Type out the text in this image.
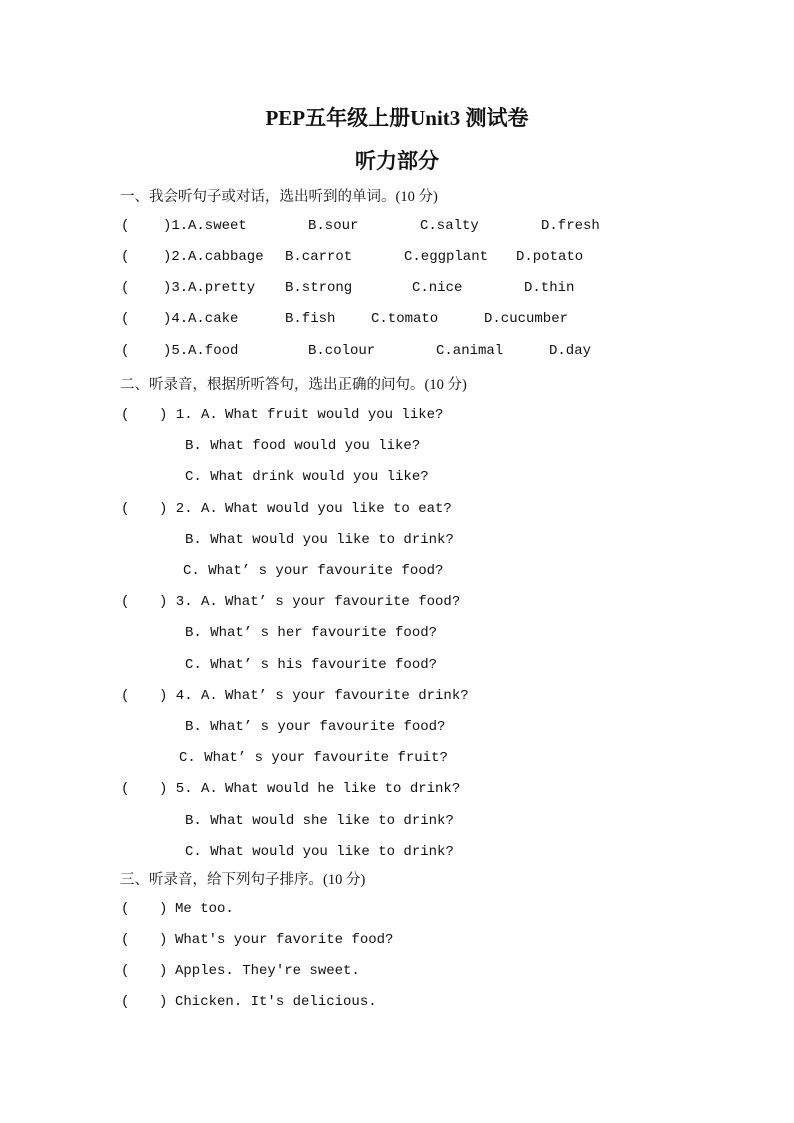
PEP五年级上册Unit3 测试卷
听力部分
一、我会听句子或对话，选出听到的单词。(10 分)
( )1. A.sweet	B.sour	C.salty	D.fresh
( )2. A.cabbage B.carrot	C.eggplant D.potato
( )3. A.pretty B.strong	C.nice	D.thin
( )4. A.cake	B.fish	C.tomato	D.cucumber
( )5. A.food	B.colour	C.animal	D.day
二、听录音，根据所听答句，选出正确的问句。(10 分)
( ) 1. A. What fruit would you like?
B. What food would you like?
C. What drink would you like?
( ) 2. A. What would you like to eat?
B. What would you like to drink?
C. What’ s your favourite food?
( ) 3. A. What’ s your favourite food?
B. What’ s her favourite food?
C. What’ s his favourite food?
( ) 4. A. What’ s your favourite drink?
B. What’ s your favourite food?
C. What’ s your favourite fruit?
( ) 5. A. What would he like to drink?
B. What would she like to drink?
C. What would you like to drink?
三、听录音，给下列句子排序。(10 分)
( ) Me too.
( ) What's your favorite food?
( ) Apples. They're sweet.
( ) Chicken. It's delicious.
